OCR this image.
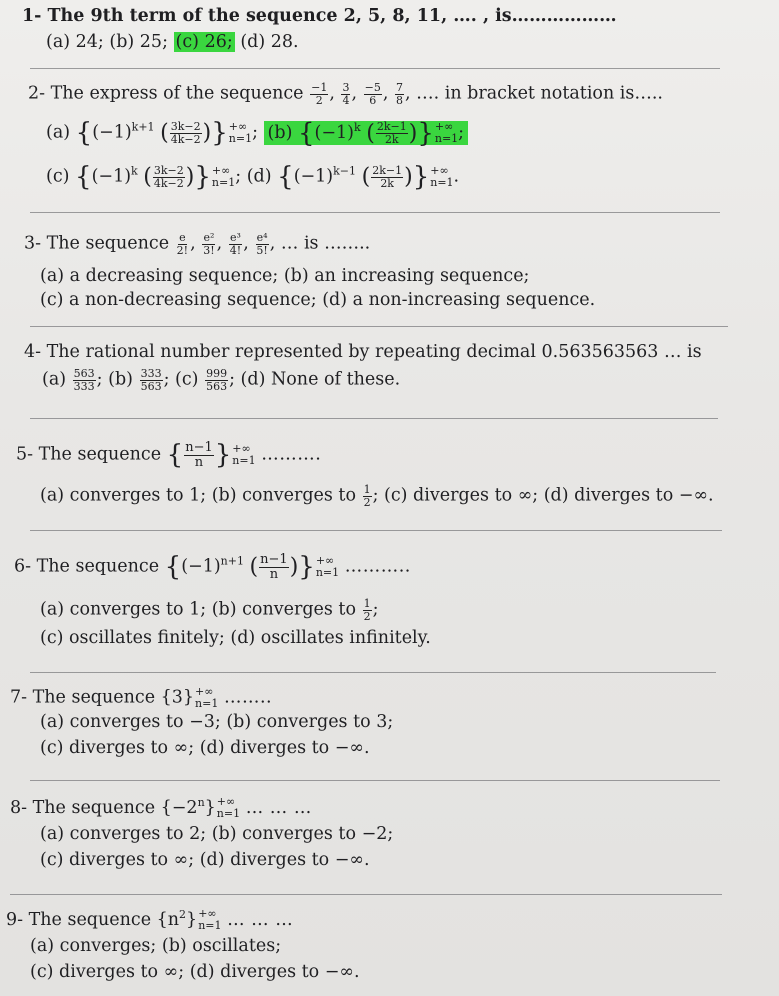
1- The 9th term of the sequence 2, 5, 8, 11, …. , is………………
(a) 24; (b) 25; (c) 26; (d) 28.
2- The express of the sequence $\frac{-1}{2}$ , $\frac{3}{4}$ , $\frac{-5}{6}$ , $\frac{7}{8}$ , …. in bracket notation is…..
(a) {$(-1)^{k+1}$ ( $\frac{3k-2}{4k-2}$ )} +∞
n=1 ; (b) {$(-1)^k$ ( $\frac{2k-1}{2k}$ )} +∞
n=1 ;
(c) {$(-1)^k$ ( $\frac{3k-2}{4k-2}$ )} +∞
n=1 ; (d) {$(-1)^{k-1}$ ( $\frac{2k-1}{2k}$ )} +∞
n=1 .
3- The sequence $\frac{e}{2!}$ , $\frac{\text{e²}}{3!}$ , $\frac{\text{e³}}{4!}$ , $\frac{\text{e⁴}}{5!}$ , … is ……..
(a) a decreasing sequence; (b) an increasing sequence;
(c) a non-decreasing sequence; (d) a non-increasing sequence.
4- The rational number represented by repeating decimal 0.563563563 … is
$(a) \frac{563}{333}$ ; $(b) \frac{333}{563}$ ; $(c) \frac{999}{563}$ ; (d) None of these.
5- The sequence { $\frac{n-1}{n}$ } +∞
n=1 ……….
(a) converges to 1; (b) converges to $\frac{1}{2}$ ; (c) diverges to ∞; (d) diverges to −∞.
6- The sequence {$(-1)^{n+1}$ ( $\frac{n-1}{n}$ )} +∞
n=1 ………..
(a) converges to 1; (b) converges to $\frac{1}{2}$ ;
(c) oscillates finitely; (d) oscillates infinitely.
7- The sequence {3} +∞
n=1 ……..
(a) converges to −3; (b) converges to 3;
(c) diverges to ∞; (d) diverges to −∞.
8- The sequence $\{-2^n\}$ +∞
n=1 … … …
(a) converges to 2; (b) converges to −2;
(c) diverges to ∞; (d) diverges to −∞.
9- The sequence $\{n^2\}$ +∞
n=1 … … …
(a) converges; (b) oscillates;
(c) diverges to ∞; (d) diverges to −∞.
